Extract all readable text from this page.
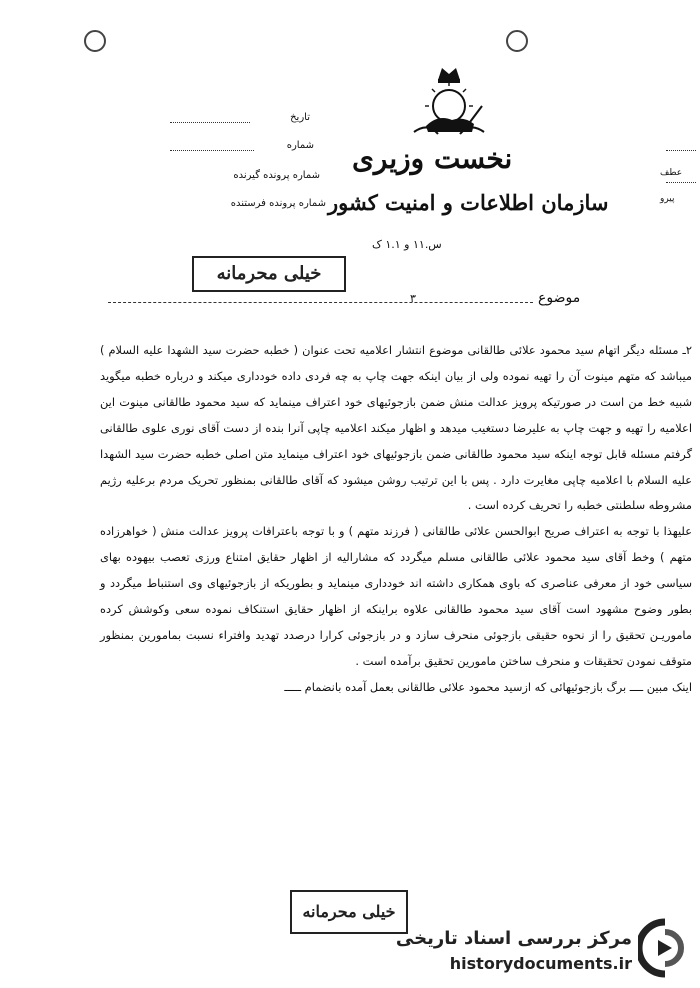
نخست وزیری
سازمان اطلاعات و امنیت کشور
س.۱۱ و ۱.۱ ک
تاریخ
شماره
شماره پرونده گیرنده
شماره پرونده فرستنده
عطف
پیرو
خیلی محرمانه
موضوع
۳

۲ـ مسئله دیگر اتهام سید محمود علائی طالقانی موضوع انتشار اعلامیه تحت عنوان ( خطبه حضرت سید الشهدا علیه السلام ) میباشد که متهم مینوت آن را تهیه نموده ولی از بیان اینکه جهت چاپ به چه فردی داده خودداری میکند و درباره خطبه میگوید شبیه خط من است در صورتیکه پرویز عدالت منش ضمن بازجوئیهای خود اعتراف مینماید که سید محمود طالقانی مینوت این اعلامیه را تهیه و جهت چاپ به علیرضا دستغیب میدهد و اظهار میکند اعلامیه چاپی آنرا بنده از دست آقای نوری علوی طالقانی گرفتم مسئله قابل توجه اینکه سید محمود طالقانی ضمن بازجوئیهای خود اعتراف مینماید متن اصلی خطبه حضرت سید الشهدا علیه السلام با اعلامیه چاپی مغایرت دارد . پس با این ترتیب روشن میشود که آقای طالقانی بمنظور تحریک مردم برعلیه رژیم مشروطه سلطنتی خطبه را تحریف کرده است .

علیهذا با توجه به اعتراف صریح ابوالحسن علائی طالقانی ( فرزند متهم ) و با توجه باعترافات پرویز عدالت منش ( خواهرزاده متهم ) وخط آقای سید محمود علائی طالقانی مسلم میگردد که مشارالیه از اظهار حقایق امتناع ورزی تعصب بیهوده بهای سیاسی خود از معرفی عناصری که باوی همکاری داشته اند خودداری مینماید و بطوریکه از بازجوئیهای وی استنباط میگردد و بطور وضوح مشهود است آقای سید محمود طالقانی علاوه براینکه از اظهار حقایق استنکاف نموده سعی وکوشش کرده ماموریـن تحقیق را از نحوه حقیقی بازجوئی منحرف سازد و در بازجوئی کرارا درصدد تهدید وافتراء نسبت بمامورین بمنظور متوقف نمودن تحقیقات و منحرف ساختن مامورین تحقیق برآمده است .

اینک مبین ــــ برگ بازجوئیهائی که ازسید محمود علائی طالقانی بعمل آمده بانضمام ـــــ

خیلی محرمانه
مرکز بررسی اسناد تاریخی
historydocuments.ir
